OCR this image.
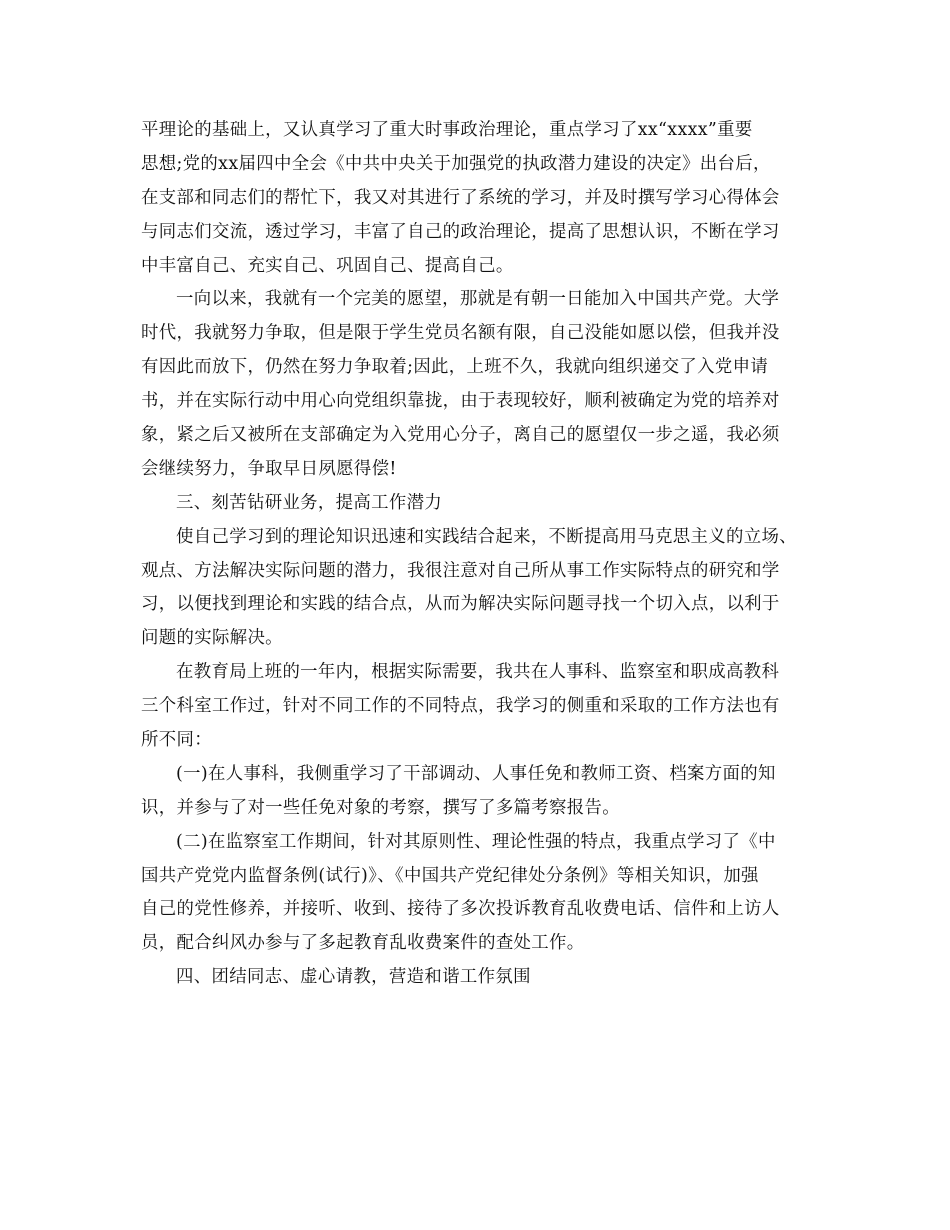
平理论的基础上，又认真学习了重大时事政治理论，重点学习了xx“xxxx”重要
思想;党的xx届四中全会《中共中央关于加强党的执政潜力建设的决定》出台后，
在支部和同志们的帮忙下，我又对其进行了系统的学习，并及时撰写学习心得体会
与同志们交流，透过学习，丰富了自己的政治理论，提高了思想认识，不断在学习
中丰富自己、充实自己、巩固自己、提高自己。
一向以来，我就有一个完美的愿望，那就是有朝一日能加入中国共产党。大学
时代，我就努力争取，但是限于学生党员名额有限，自己没能如愿以偿，但我并没
有因此而放下，仍然在努力争取着;因此，上班不久，我就向组织递交了入党申请
书，并在实际行动中用心向党组织靠拢，由于表现较好，顺利被确定为党的培养对
象，紧之后又被所在支部确定为入党用心分子，离自己的愿望仅一步之遥，我必须
会继续努力，争取早日夙愿得偿!
三、刻苦钻研业务，提高工作潜力
使自己学习到的理论知识迅速和实践结合起来，不断提高用马克思主义的立场、
观点、方法解决实际问题的潜力，我很注意对自己所从事工作实际特点的研究和学
习，以便找到理论和实践的结合点，从而为解决实际问题寻找一个切入点，以利于
问题的实际解决。
在教育局上班的一年内，根据实际需要，我共在人事科、监察室和职成高教科
三个科室工作过，针对不同工作的不同特点，我学习的侧重和采取的工作方法也有
所不同：
(一)在人事科，我侧重学习了干部调动、人事任免和教师工资、档案方面的知
识，并参与了对一些任免对象的考察，撰写了多篇考察报告。
(二)在监察室工作期间，针对其原则性、理论性强的特点，我重点学习了《中
国共产党党内监督条例(试行)》、《中国共产党纪律处分条例》等相关知识，加强
自己的党性修养，并接听、收到、接待了多次投诉教育乱收费电话、信件和上访人
员，配合纠风办参与了多起教育乱收费案件的查处工作。
四、团结同志、虚心请教，营造和谐工作氛围
